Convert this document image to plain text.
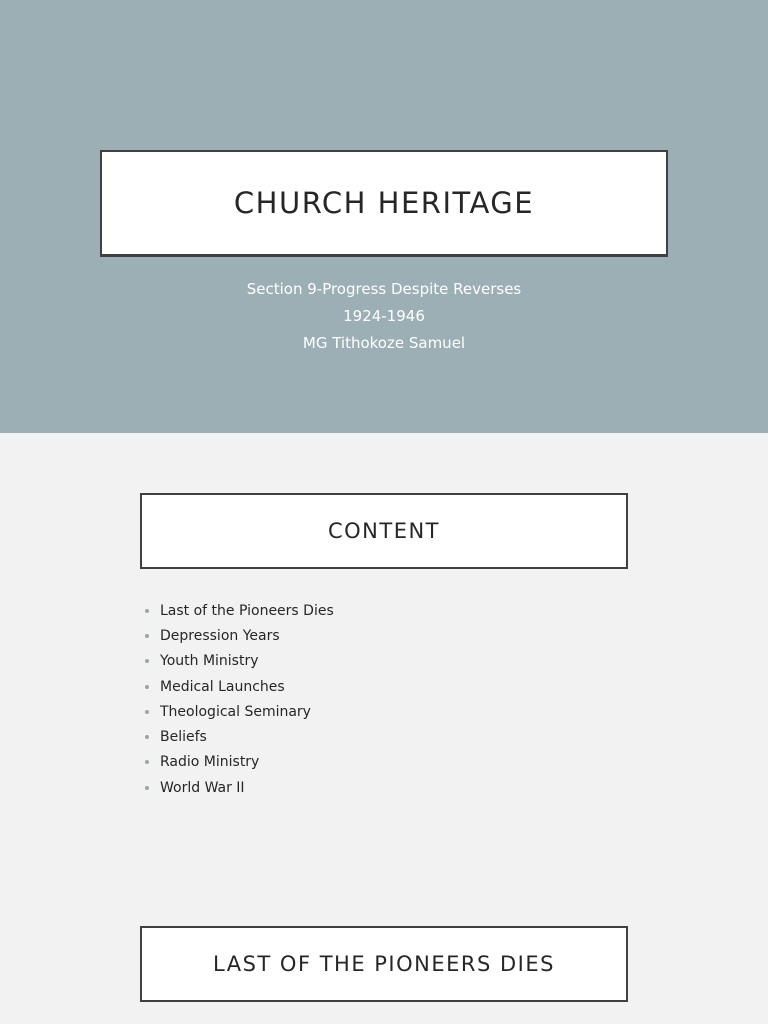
CHURCH HERITAGE
Section 9-Progress Despite Reverses
1924-1946
MG Tithokoze Samuel
CONTENT
Last of the Pioneers Dies
Depression Years
Youth Ministry
Medical Launches
Theological Seminary
Beliefs
Radio Ministry
World War II
LAST OF THE PIONEERS DIES
